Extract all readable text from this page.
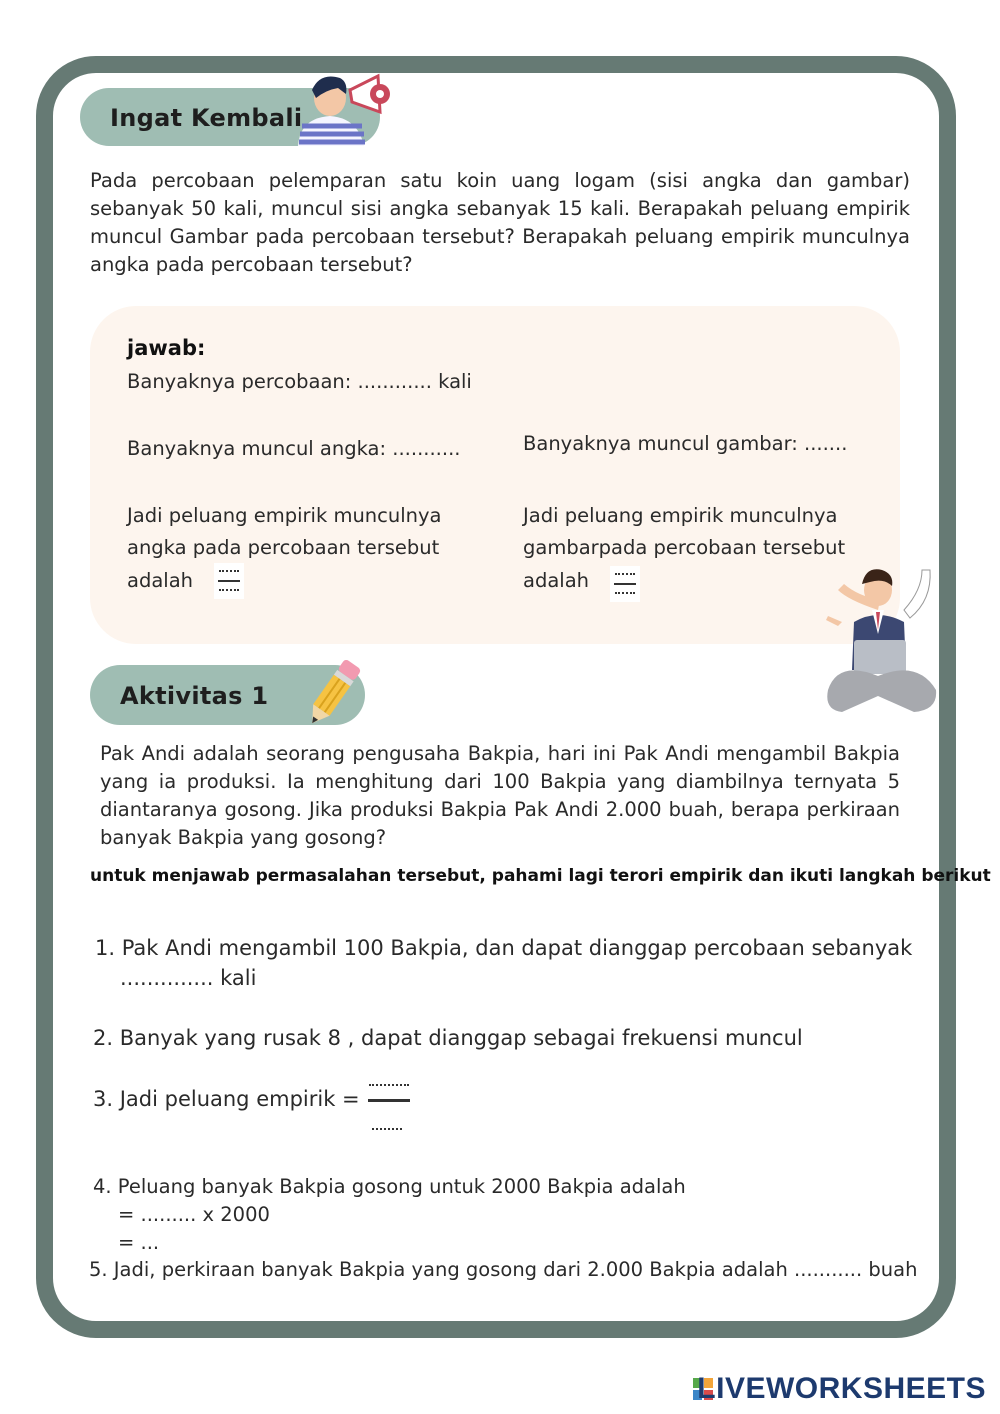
Ingat Kembali
Pada percobaan pelemparan satu koin uang logam (sisi angka dan gambar) sebanyak 50 kali, muncul sisi angka sebanyak 15 kali. Berapakah peluang empirik muncul Gambar pada percobaan tersebut? Berapakah peluang empirik munculnya angka pada percobaan tersebut?
jawab:
Banyaknya percobaan: ............ kali
Banyaknya muncul angka: ...........	Banyaknya muncul gambar: .......
Jadi peluang empirik munculnya
angka pada percobaan tersebut
adalah
Jadi peluang empirik munculnya
gambarpada percobaan tersebut
adalah
Aktivitas 1
Pak Andi adalah seorang pengusaha Bakpia, hari ini Pak Andi mengambil Bakpia yang ia produksi. Ia menghitung dari 100 Bakpia yang diambilnya ternyata 5 diantaranya gosong. Jika produksi Bakpia Pak Andi 2.000 buah, berapa perkiraan banyak Bakpia yang gosong?
untuk menjawab permasalahan tersebut, pahami lagi terori empirik dan ikuti langkah berikut
1. Pak Andi mengambil 100 Bakpia, dan dapat dianggap percobaan sebanyak
.............. kali
2. Banyak yang rusak 8 , dapat dianggap sebagai frekuensi muncul
3. Jadi peluang empirik =
4. Peluang banyak Bakpia gosong untuk 2000 Bakpia adalah
= ......... x 2000
= ...
5. Jadi, perkiraan banyak Bakpia yang gosong dari 2.000 Bakpia adalah ........... buah
LIVEWORKSHEETS
